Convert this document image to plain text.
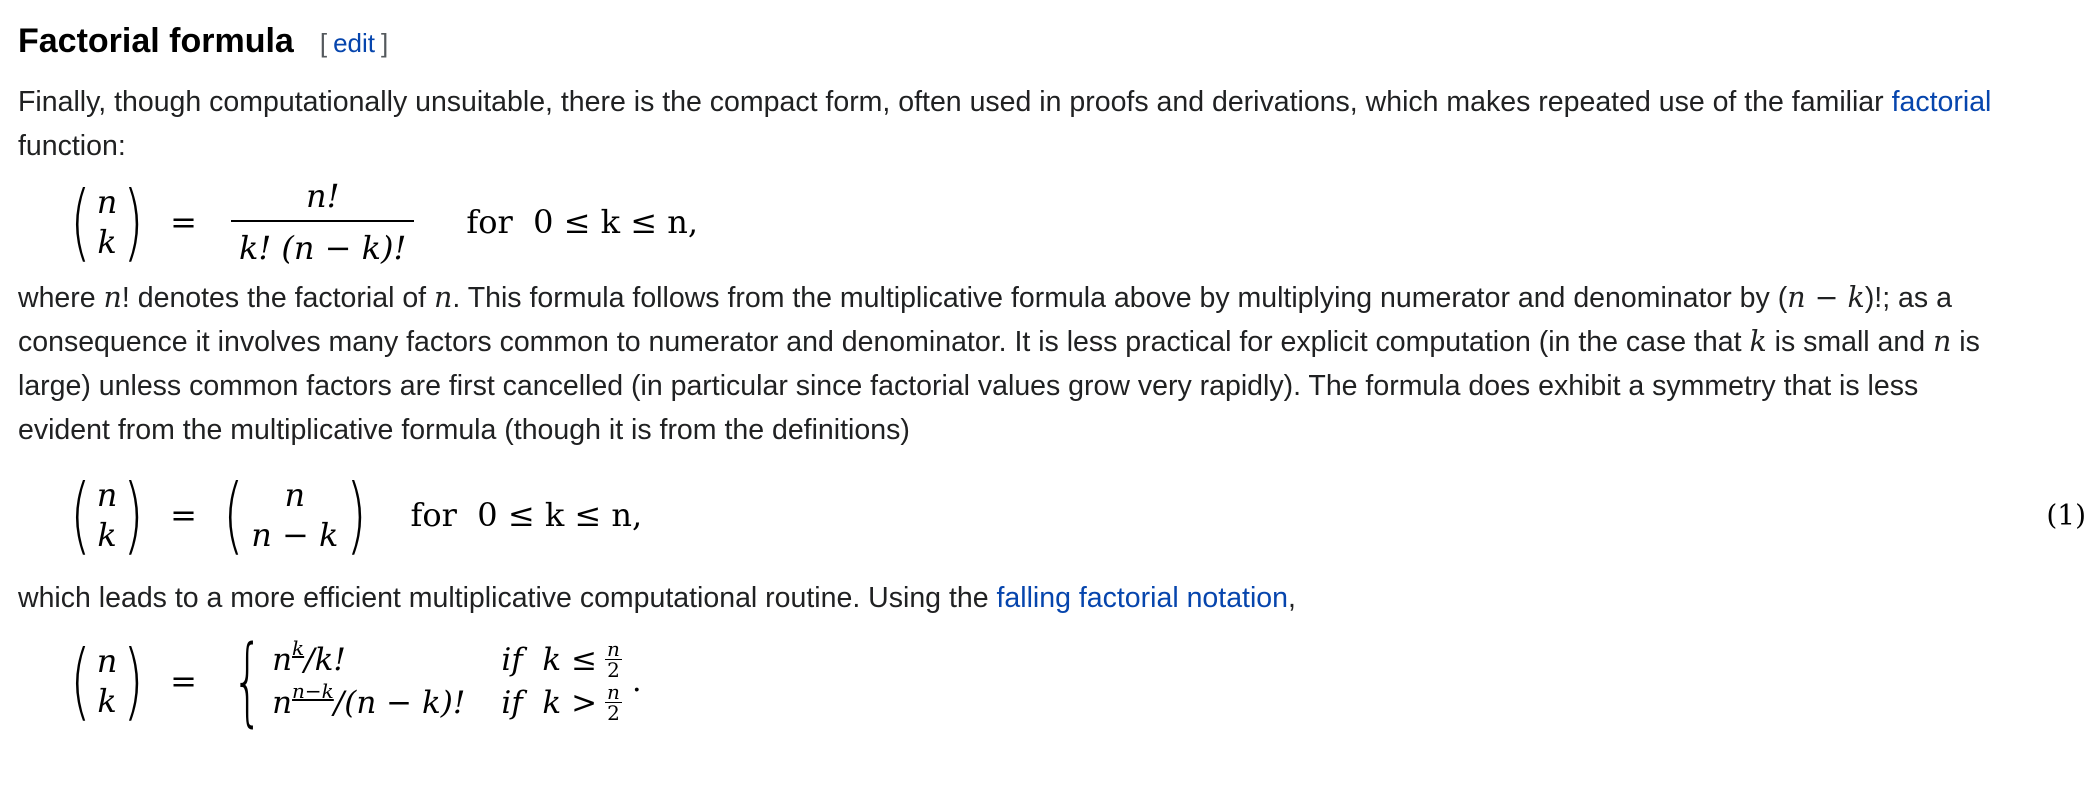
Factorial formula [ edit ]

Finally, though computationally unsuitable, there is the compact form, often used in proofs and derivations, which makes repeated use of the familiar factorial
function:

( n
k ) = $\frac{n!}{k! (n - k)!}$ for  0 ≤ k ≤ n,

where n! denotes the factorial of n. This formula follows from the multiplicative formula above by multiplying numerator and denominator by (n − k)!; as a
consequence it involves many factors common to numerator and denominator. It is less practical for explicit computation (in the case that k is small and n is
large) unless common factors are first cancelled (in particular since factorial values grow very rapidly). The formula does exhibit a symmetry that is less
evident from the multiplicative formula (though it is from the definitions)

( n
k ) = ( n
n − k ) for  0 ≤ k ≤ n,	(1)

which leads to a more efficient multiplicative computational routine. Using the falling factorial notation,

( n
k ) = { n k /k!	if  $k \le \frac{n}{2}$
n n−k /(n − k)! if  $k > \frac{n}{2}$
.
